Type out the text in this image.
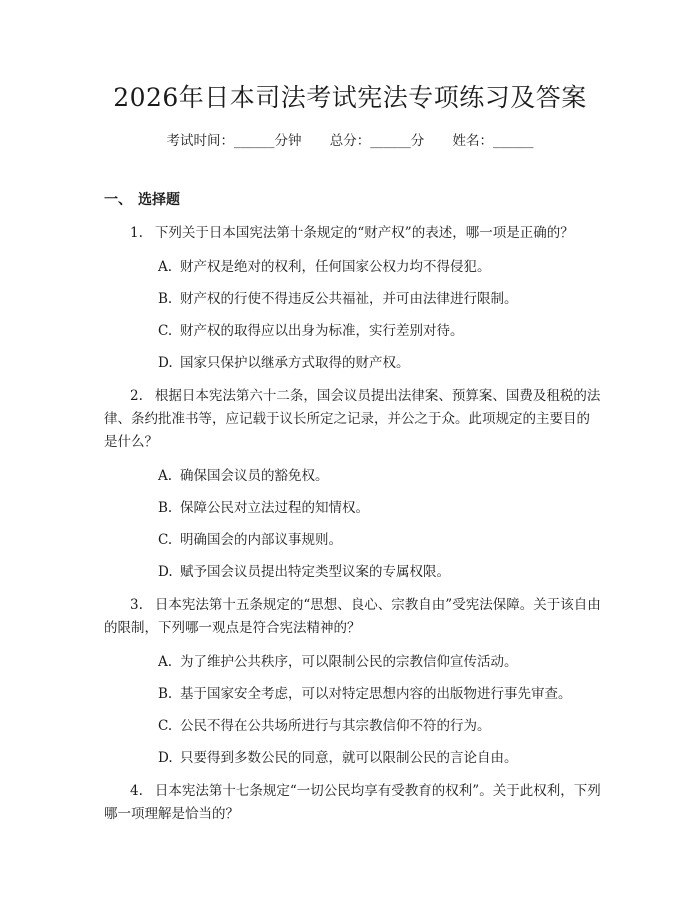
2026年日本司法考试宪法专项练习及答案
考试时间：______分钟 总分：______分 姓名：______
一、 选择题

1. 下列关于日本国宪法第十条规定的“财产权”的表述，哪一项是正确的？

A. 财产权是绝对的权利，任何国家公权力均不得侵犯。

B. 财产权的行使不得违反公共福祉，并可由法律进行限制。

C. 财产权的取得应以出身为标准，实行差别对待。

D. 国家只保护以继承方式取得的财产权。

2. 根据日本宪法第六十二条，国会议员提出法律案、预算案、国费及租税的法律、条约批准书等，应记载于议长所定之记录，并公之于众。此项规定的主要目的是什么？

A. 确保国会议员的豁免权。

B. 保障公民对立法过程的知情权。

C. 明确国会的内部议事规则。

D. 赋予国会议员提出特定类型议案的专属权限。

3. 日本宪法第十五条规定的“思想、良心、宗教自由”受宪法保障。关于该自由的限制，下列哪一观点是符合宪法精神的？

A. 为了维护公共秩序，可以限制公民的宗教信仰宣传活动。

B. 基于国家安全考虑，可以对特定思想内容的出版物进行事先审查。

C. 公民不得在公共场所进行与其宗教信仰不符的行为。

D. 只要得到多数公民的同意，就可以限制公民的言论自由。

4. 日本宪法第十七条规定“一切公民均享有受教育的权利”。关于此权利，下列哪一项理解是恰当的？
